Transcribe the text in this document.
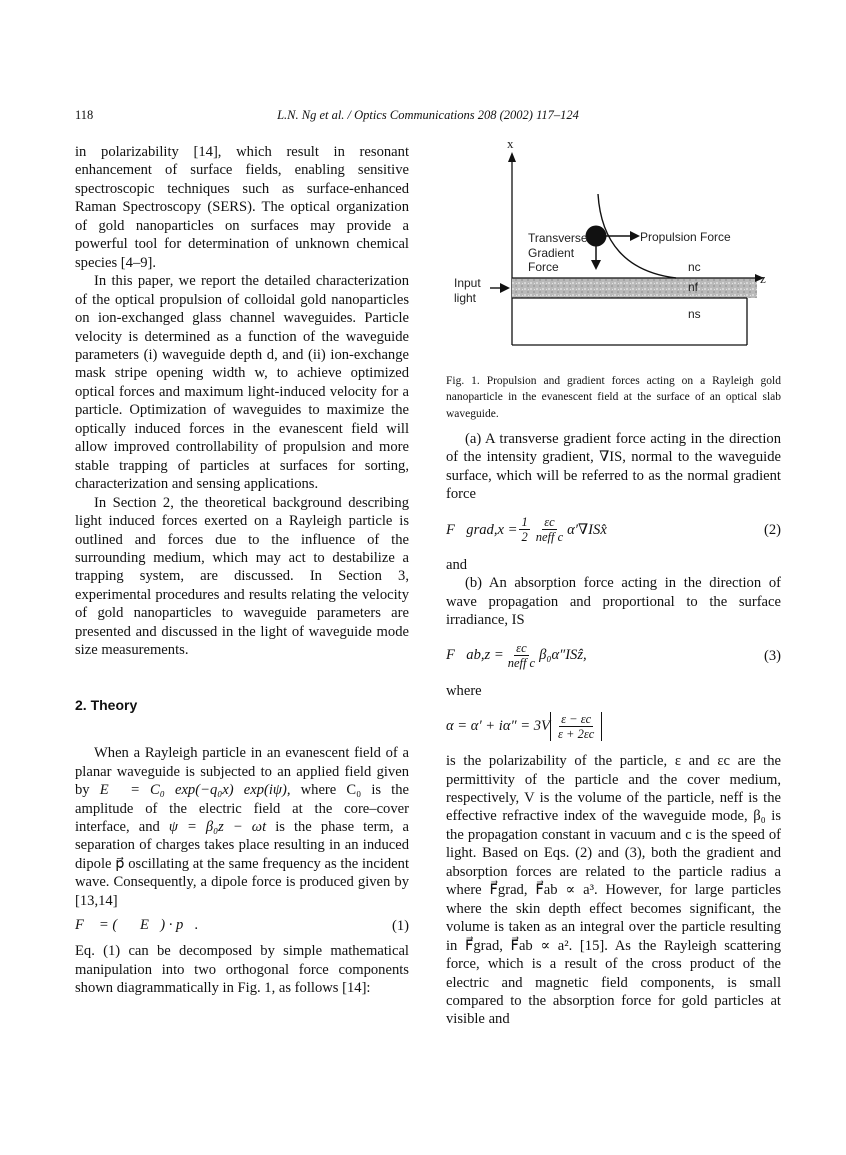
118	L.N. Ng et al. / Optics Communications 208 (2002) 117–124

in polarizability [14], which result in resonant enhancement of surface fields, enabling sensitive spectroscopic techniques such as surface-enhanced Raman Spectroscopy (SERS). The optical organization of gold nanoparticles on surfaces may provide a powerful tool for determination of unknown chemical species [4–9].

In this paper, we report the detailed characterization of the optical propulsion of colloidal gold nanoparticles on ion-exchanged glass channel waveguides. Particle velocity is determined as a function of the waveguide parameters (i) waveguide depth d, and (ii) ion-exchange mask stripe opening width w, to achieve optimized optical forces and maximum light-induced velocity for a particle. Optimization of waveguides to maximize the optically induced forces in the evanescent field will allow improved controllability of propulsion and more stable trapping of particles at surfaces for sorting, characterization and sensing applications.

In Section 2, the theoretical background describing light induced forces exerted on a Rayleigh particle is outlined and forces due to the influence of the surrounding medium, which may act to destabilize a trapping system, are discussed. In Section 3, experimental procedures and results relating the velocity of gold nanoparticles to waveguide parameters are presented and discussed in the light of waveguide mode size measurements.

2. Theory

When a Rayleigh particle in an evanescent field of a planar waveguide is subjected to an applied field given by E⃗ = C₀ exp(−q₀x) exp(iψ), where C₀ is the amplitude of the electric field at the core–cover interface, and ψ = β₀z − ωt is the phase term, a separation of charges takes place resulting in an induced dipole p⃗ oscillating at the same frequency as the incident wave. Consequently, a dipole force is produced given by [13,14]

F⃗ = (∇⃗E⃗) · p⃗.	(1)

Eq. (1) can be decomposed by simple mathematical manipulation into two orthogonal force components shown diagrammatically in Fig. 1, as follows [14]:

x
z
Transverse
Gradient
Force
Propulsion Force
Input
light
nc
nf
ns

Fig. 1. Propulsion and gradient forces acting on a Rayleigh gold nanoparticle in the evanescent field at the surface of an optical slab waveguide.

(a) A transverse gradient force acting in the direction of the intensity gradient, ∇IS, normal to the waveguide surface, which will be referred to as the normal gradient force

F⃗grad,x = $\frac{1}{2} \frac{\varepsilon c}{\text{neff c}}$ α′∇ISx̂	(2)

and

(b) An absorption force acting in the direction of wave propagation and proportional to the surface irradiance, IS

F⃗ab,z = $\frac{\varepsilon c}{\text{neff c}}$ β₀α″ISẑ,	(3)

where

$\alpha = \alpha' + i\alpha'' = 3V \frac{\varepsilon - \varepsilon c}{\varepsilon + 2\varepsilon c}$

is the polarizability of the particle, ε and εc are the permittivity of the particle and the cover medium, respectively, V is the volume of the particle, neff is the effective refractive index of the waveguide mode, β₀ is the propagation constant in vacuum and c is the speed of light. Based on Eqs. (2) and (3), both the gradient and absorption forces are related to the particle radius a where F⃗grad, F⃗ab ∝ a³. However, for large particles where the skin depth effect becomes significant, the volume is taken as an integral over the particle resulting in F⃗grad, F⃗ab ∝ a². [15]. As the Rayleigh scattering force, which is a result of the cross product of the electric and magnetic field components, is small compared to the absorption force for gold particles at visible and
